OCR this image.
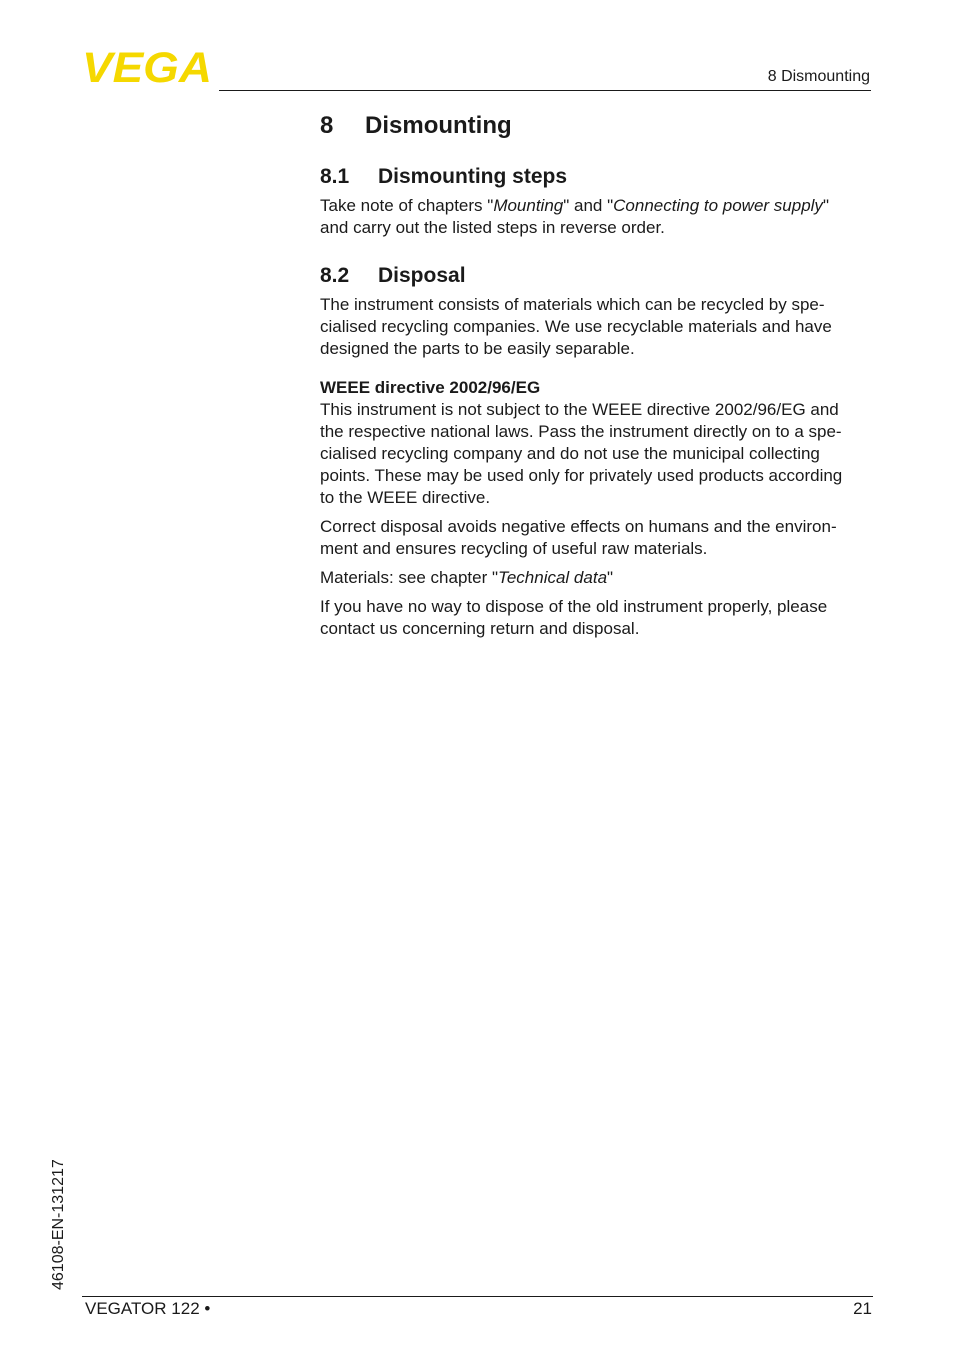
VEGA	8 Dismounting
8 Dismounting
8.1 Dismounting steps

Take note of chapters "Mounting" and "Connecting to power supply"
and carry out the listed steps in reverse order.

8.2 Disposal

The instrument consists of materials which can be recycled by spe-
cialised recycling companies. We use recyclable materials and have
designed the parts to be easily separable.

WEEE directive 2002/96/EG

This instrument is not subject to the WEEE directive 2002/96/EG and
the respective national laws. Pass the instrument directly on to a spe-
cialised recycling company and do not use the municipal collecting
points. These may be used only for privately used products according
to the WEEE directive.

Correct disposal avoids negative effects on humans and the environ-
ment and ensures recycling of useful raw materials.

Materials: see chapter "Technical data"

If you have no way to dispose of the old instrument properly, please
contact us concerning return and disposal.

46108-EN-131217
VEGATOR 122 •	21
